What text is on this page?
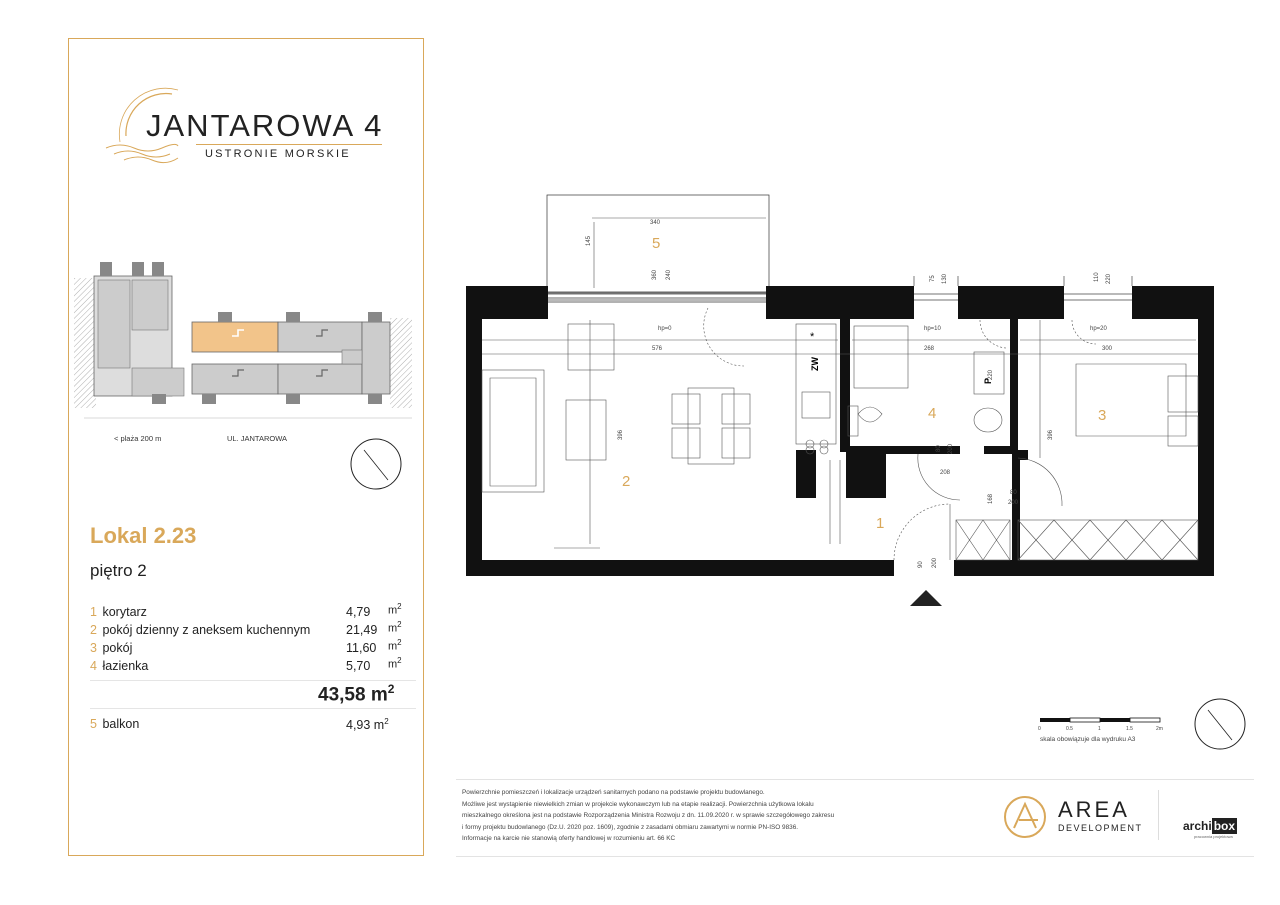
JANTAROWA 4
USTRONIE MORSKIE
< plaża 200 m	UL. JANTAROWA
Lokal 2.23
piętro 2
1 korytarz	4,79	$m^2$
2 pokój dzienny z aneksem kuchennym	21,49 $m^2$
3 pokój	11,60	$m^2$
4 łazienka	5,70	$m^2$
43,58 $m^2$
5 balkon	4,93 $m^2$
2
1
3
4
5
ZW
*
P
340
145
360 240
576	268	300
396	396
75 130	110 220
hp=0	hp=10	hp=20
220
80 200
208
168
80
200
90 200
0	0.5	1	1.5	2m
skala obowiązuje dla wydruku A3
Powierzchnie pomieszczeń i lokalizacje urządzeń sanitarnych podano na podstawie projektu budowlanego.
Możliwe jest wystąpienie niewielkich zmian w projekcie wykonawczym lub na etapie realizacji. Powierzchnia użytkowa lokalu
mieszkalnego określona jest na podstawie Rozporządzenia Ministra Rozwoju z dn. 11.09.2020 r. w sprawie szczegółowego zakresu
i formy projektu budowlanego (Dz.U. 2020 poz. 1609), zgodnie z zasadami obmiaru zawartymi w normie PN-ISO 9836.
Informacje na karcie nie stanowią oferty handlowej w rozumieniu art. 66 KC
AREA
DEVELOPMENT	archi box
pracownia projektowa
